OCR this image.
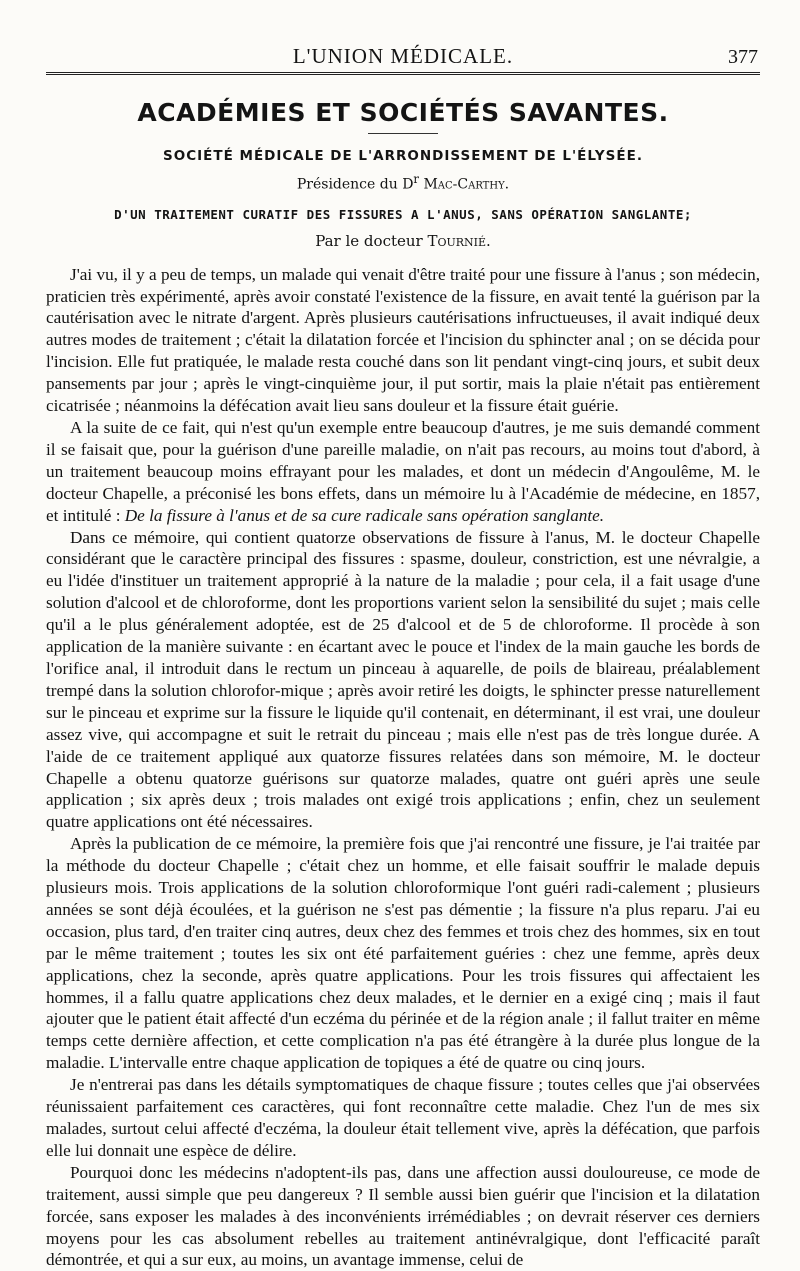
L'UNION MÉDICALE.	377
ACADÉMIES ET SOCIÉTÉS SAVANTES.
SOCIÉTÉ MÉDICALE DE L'ARRONDISSEMENT DE L'ÉLYSÉE.
Présidence du $D^r$ Mac-Carthy.
D'UN TRAITEMENT CURATIF DES FISSURES A L'ANUS, SANS OPÉRATION SANGLANTE;
Par le docteur Tournié.

J'ai vu, il y a peu de temps, un malade qui venait d'être traité pour une fissure à l'anus ; son médecin, praticien très expérimenté, après avoir constaté l'existence de la fissure, en avait tenté la guérison par la cautérisation avec le nitrate d'argent. Après plusieurs cautérisations infructueuses, il avait indiqué deux autres modes de traitement ; c'était la dilatation forcée et l'incision du sphincter anal ; on se décida pour l'incision. Elle fut pratiquée, le malade resta couché dans son lit pendant vingt-cinq jours, et subit deux pansements par jour ; après le vingt-cinquième jour, il put sortir, mais la plaie n'était pas entièrement cicatrisée ; néanmoins la défécation avait lieu sans douleur et la fissure était guérie.

A la suite de ce fait, qui n'est qu'un exemple entre beaucoup d'autres, je me suis demandé comment il se faisait que, pour la guérison d'une pareille maladie, on n'ait pas recours, au moins tout d'abord, à un traitement beaucoup moins effrayant pour les malades, et dont un médecin d'Angoulême, M. le docteur Chapelle, a préconisé les bons effets, dans un mémoire lu à l'Académie de médecine, en 1857, et intitulé : De la fissure à l'anus et de sa cure radicale sans opération sanglante.

Dans ce mémoire, qui contient quatorze observations de fissure à l'anus, M. le docteur Chapelle considérant que le caractère principal des fissures : spasme, douleur, constriction, est une névralgie, a eu l'idée d'instituer un traitement approprié à la nature de la maladie ; pour cela, il a fait usage d'une solution d'alcool et de chloroforme, dont les proportions varient selon la sensibilité du sujet ; mais celle qu'il a le plus généralement adoptée, est de 25 d'alcool et de 5 de chloroforme. Il procède à son application de la manière suivante : en écartant avec le pouce et l'index de la main gauche les bords de l'orifice anal, il introduit dans le rectum un pinceau à aquarelle, de poils de blaireau, préalablement trempé dans la solution chlorofor-mique ; après avoir retiré les doigts, le sphincter presse naturellement sur le pinceau et exprime sur la fissure le liquide qu'il contenait, en déterminant, il est vrai, une douleur assez vive, qui accompagne et suit le retrait du pinceau ; mais elle n'est pas de très longue durée. A l'aide de ce traitement appliqué aux quatorze fissures relatées dans son mémoire, M. le docteur Chapelle a obtenu quatorze guérisons sur quatorze malades, quatre ont guéri après une seule application ; six après deux ; trois malades ont exigé trois applications ; enfin, chez un seulement quatre applications ont été nécessaires.

Après la publication de ce mémoire, la première fois que j'ai rencontré une fissure, je l'ai traitée par la méthode du docteur Chapelle ; c'était chez un homme, et elle faisait souffrir le malade depuis plusieurs mois. Trois applications de la solution chloroformique l'ont guéri radi-calement ; plusieurs années se sont déjà écoulées, et la guérison ne s'est pas démentie ; la fissure n'a plus reparu. J'ai eu occasion, plus tard, d'en traiter cinq autres, deux chez des femmes et trois chez des hommes, six en tout par le même traitement ; toutes les six ont été parfaitement guéries : chez une femme, après deux applications, chez la seconde, après quatre applications. Pour les trois fissures qui affectaient les hommes, il a fallu quatre applications chez deux malades, et le dernier en a exigé cinq ; mais il faut ajouter que le patient était affecté d'un eczéma du périnée et de la région anale ; il fallut traiter en même temps cette dernière affection, et cette complication n'a pas été étrangère à la durée plus longue de la maladie. L'intervalle entre chaque application de topiques a été de quatre ou cinq jours.

Je n'entrerai pas dans les détails symptomatiques de chaque fissure ; toutes celles que j'ai observées réunissaient parfaitement ces caractères, qui font reconnaître cette maladie. Chez l'un de mes six malades, surtout celui affecté d'eczéma, la douleur était tellement vive, après la défécation, que parfois elle lui donnait une espèce de délire.

Pourquoi donc les médecins n'adoptent-ils pas, dans une affection aussi douloureuse, ce mode de traitement, aussi simple que peu dangereux ? Il semble aussi bien guérir que l'incision et la dilatation forcée, sans exposer les malades à des inconvénients irrémédiables ; on devrait réserver ces derniers moyens pour les cas absolument rebelles au traitement antinévralgique, dont l'efficacité paraît démontrée, et qui a sur eux, au moins, un avantage immense, celui de
